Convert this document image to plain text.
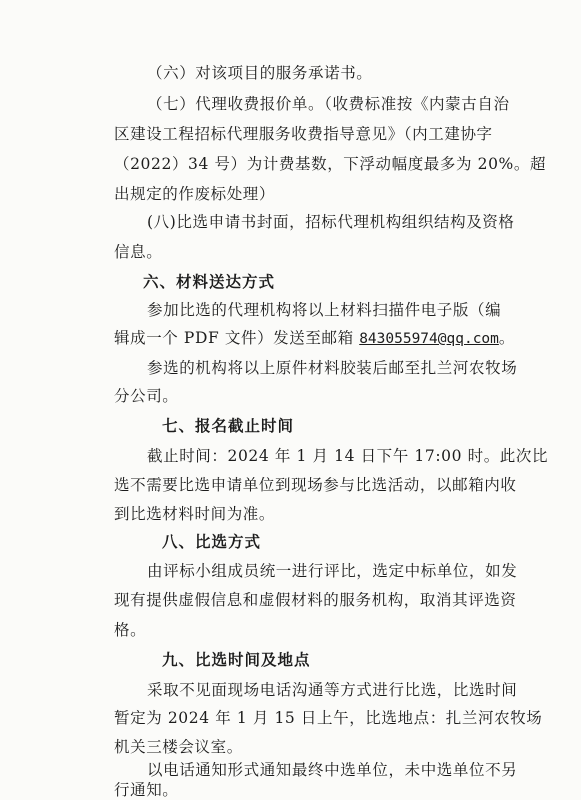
（六）对该项目的服务承诺书。
（七）代理收费报价单。（收费标准按《内蒙古自治
区建设工程招标代理服务收费指导意见》（内工建协字
（2022）34 号）为计费基数，下浮动幅度最多为 20%。超
出规定的作废标处理）
(八)比选申请书封面，招标代理机构组织结构及资格
信息。
六、材料送达方式
参加比选的代理机构将以上材料扫描件电子版（编
辑成一个 PDF 文件）发送至邮箱 843055974@qq.com。
参选的机构将以上原件材料胶装后邮至扎兰河农牧场
分公司。
七、报名截止时间
截止时间：2024 年 1 月 14 日下午 17:00 时。此次比
选不需要比选申请单位到现场参与比选活动，以邮箱内收
到比选材料时间为准。
八、比选方式
由评标小组成员统一进行评比，选定中标单位，如发
现有提供虚假信息和虚假材料的服务机构，取消其评选资
格。
九、比选时间及地点
采取不见面现场电话沟通等方式进行比选，比选时间
暂定为 2024 年 1 月 15 日上午，比选地点：扎兰河农牧场
机关三楼会议室。
以电话通知形式通知最终中选单位，未中选单位不另
行通知。
